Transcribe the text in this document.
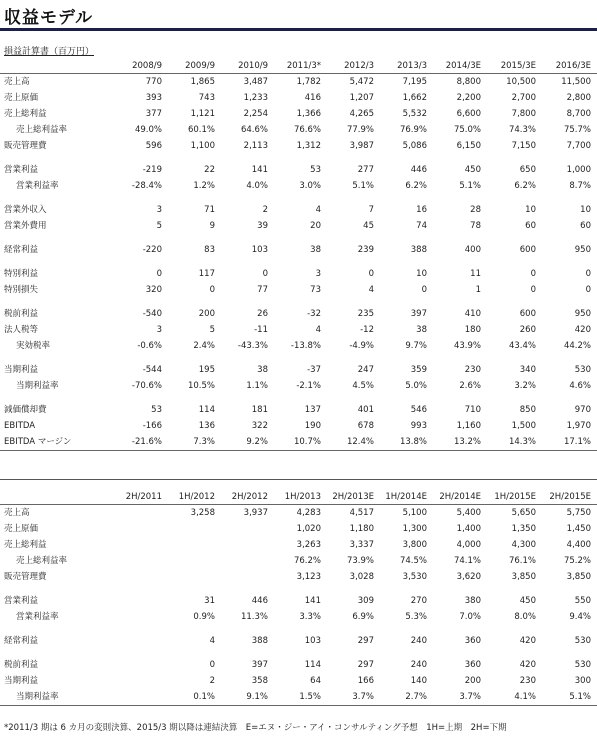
収益モデル
損益計算書（百万円）
	2008/9	2009/9	2010/9	2011/3*	2012/3	2013/3	2014/3E	2015/3E	2016/3E
売上高	770	1,865	3,487	1,782	5,472	7,195	8,800	10,500	11,500
売上原価	393	743	1,233	416	1,207	1,662	2,200	2,700	2,800
売上総利益	377	1,121	2,254	1,366	4,265	5,532	6,600	7,800	8,700
売上総利益率	49.0%	60.1%	64.6%	76.6%	77.9%	76.9%	75.0%	74.3%	75.7%
販売管理費	596	1,100	2,113	1,312	3,987	5,086	6,150	7,150	7,700

営業利益	-219	22	141	53	277	446	450	650	1,000
営業利益率	-28.4%	1.2%	4.0%	3.0%	5.1%	6.2%	5.1%	6.2%	8.7%

営業外収入	3	71	2	4	7	16	28	10	10
営業外費用	5	9	39	20	45	74	78	60	60

経常利益	-220	83	103	38	239	388	400	600	950

特別利益	0	117	0	3	0	10	11	0	0
特別損失	320	0	77	73	4	0	1	0	0

税前利益	-540	200	26	-32	235	397	410	600	950
法人税等	3	5	-11	4	-12	38	180	260	420
実効税率	-0.6%	2.4%	-43.3%	-13.8%	-4.9%	9.7%	43.9%	43.4%	44.2%

当期利益	-544	195	38	-37	247	359	230	340	530
当期利益率	-70.6%	10.5%	1.1%	-2.1%	4.5%	5.0%	2.6%	3.2%	4.6%

減価償却費	53	114	181	137	401	546	710	850	970
EBITDA	-166	136	322	190	678	993	1,160	1,500	1,970
EBITDA マージン	-21.6%	7.3%	9.2%	10.7%	12.4%	13.8%	13.2%	14.3%	17.1%
	2H/2011	1H/2012	2H/2012	1H/2013	2H/2013E	1H/2014E	2H/2014E	1H/2015E	2H/2015E
売上高		3,258	3,937	4,283	4,517	5,100	5,400	5,650	5,750
売上原価				1,020	1,180	1,300	1,400	1,350	1,450
売上総利益				3,263	3,337	3,800	4,000	4,300	4,400
売上総利益率				76.2%	73.9%	74.5%	74.1%	76.1%	75.2%
販売管理費				3,123	3,028	3,530	3,620	3,850	3,850

営業利益		31	446	141	309	270	380	450	550
営業利益率		0.9%	11.3%	3.3%	6.9%	5.3%	7.0%	8.0%	9.4%

経常利益		4	388	103	297	240	360	420	530

税前利益		0	397	114	297	240	360	420	530
当期利益		2	358	64	166	140	200	230	300
当期利益率		0.1%	9.1%	1.5%	3.7%	2.7%	3.7%	4.1%	5.1%
*2011/3 期は 6 カ月の変則決算、2015/3 期以降は連結決算　E=エヌ・ジー・アイ・コンサルティング予想　1H=上期　2H=下期
